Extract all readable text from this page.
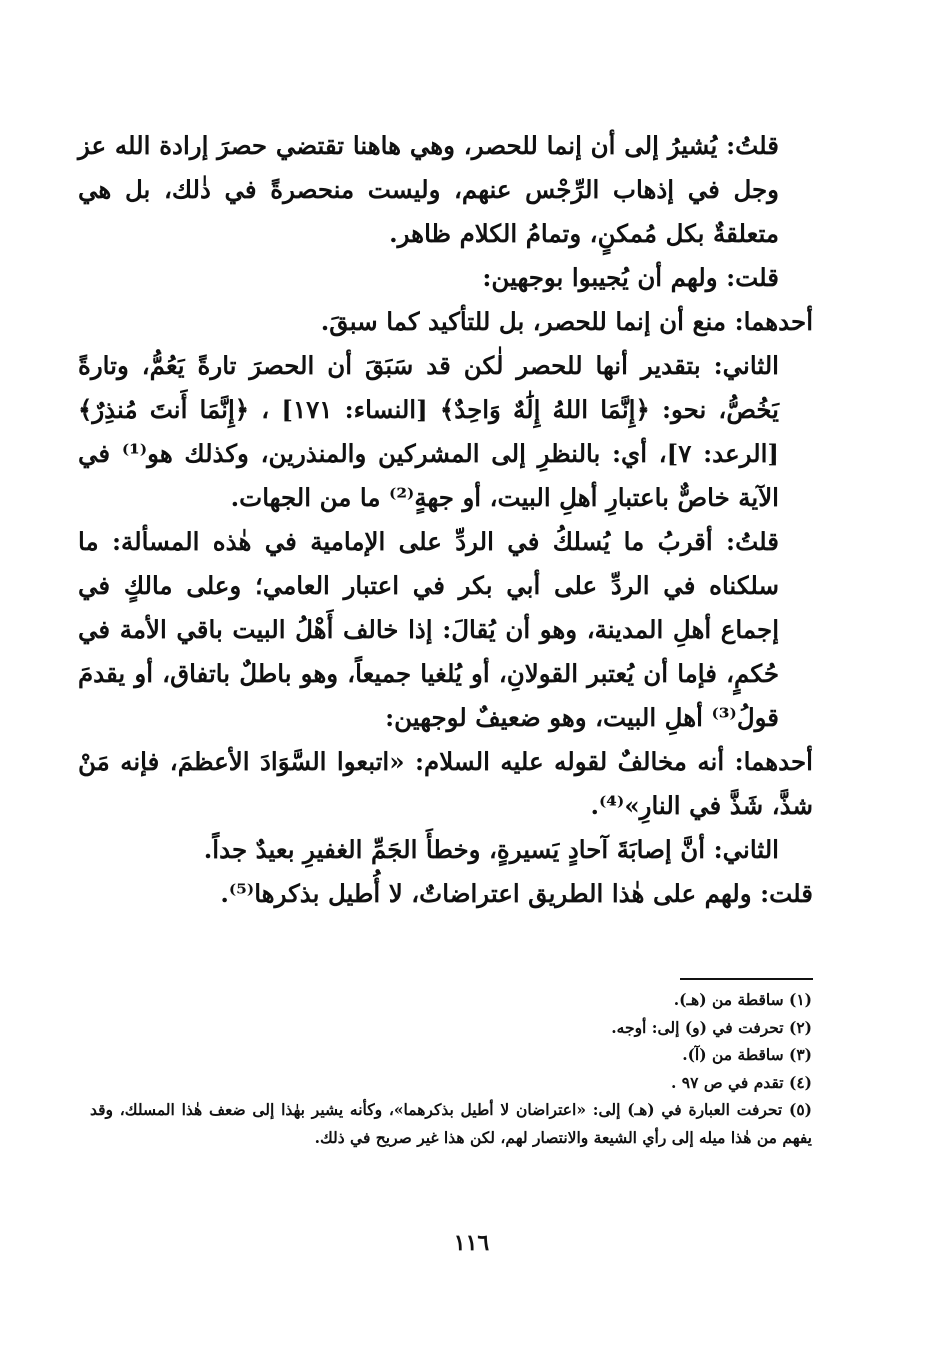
قلتُ: يُشيرُ إلى أن إنما للحصر، وهي هاهنا تقتضي حصرَ إرادة الله عز وجل في إذهاب الرِّجْس عنهم، وليست منحصرةً في ذٰلك، بل هي متعلقةٌ بكل مُمكنٍ، وتمامُ الكلام ظاهر.

قلت: ولهم أن يُجيبوا بوجهين:

أحدهما: منع أن إنما للحصر، بل للتأكيد كما سبقَ.

الثاني: بتقدير أنها للحصر لٰكن قد سَبَقَ أن الحصرَ تارةً يَعُمُّ، وتارةً يَخُصُّ، نحو: ﴿إِنَّمَا اللهُ إِلَٰهٌ وَاحِدٌ﴾ [النساء: ١٧١] ، ﴿إِنَّمَا أَنتَ مُنذِرٌ﴾ [الرعد: ٧]، أي: بالنظرِ إلى المشركين والمنذرين، وكذلك هو⁽¹⁾ في الآية خاصٌّ باعتبارِ أهلِ البيت، أو جهةٍ⁽²⁾ ما من الجهات.

قلتُ: أقربُ ما يُسلكُ في الردِّ على الإمامية في هٰذه المسألة: ما سلكناه في الردِّ على أبي بكر في اعتبار العامي؛ وعلى مالكٍ في إجماع أهلِ المدينة، وهو أن يُقالَ: إذا خالف أَهْلُ البيت باقي الأمة في حُكمٍ، فإما أن يُعتبر القولانِ، أو يُلغيا جميعاً، وهو باطلٌ باتفاق، أو يقدمَ قولُ⁽³⁾ أهلِ البيت، وهو ضعيفٌ لوجهين:

أحدهما: أنه مخالفٌ لقوله عليه السلام: «اتبعوا السَّوَادَ الأعظمَ، فإنه مَنْ شذَّ، شَذَّ في النارِ»⁽⁴⁾.

الثاني: أنَّ إصابَةَ آحادٍ يَسيرةٍ، وخطأَ الجَمِّ الغفيرِ بعيدٌ جداً.

قلت: ولهم على هٰذا الطريق اعتراضاتٌ، لا أُطيل بذكرها⁽⁵⁾.

(١) ساقطة من (هـ).

(٢) تحرفت في (و) إلى: أوجه.

(٣) ساقطة من (آ).

(٤) تقدم في ص ٩٧ .

(٥) تحرفت العبارة في (هـ) إلى: «اعتراضان لا أطيل بذكرهما»، وكأنه يشير بهٰذا إلى ضعف هٰذا المسلك، وقد يفهم من هٰذا ميله إلى رأي الشيعة والانتصار لهم، لكن هذا غير صريح في ذلك.

١١٦
